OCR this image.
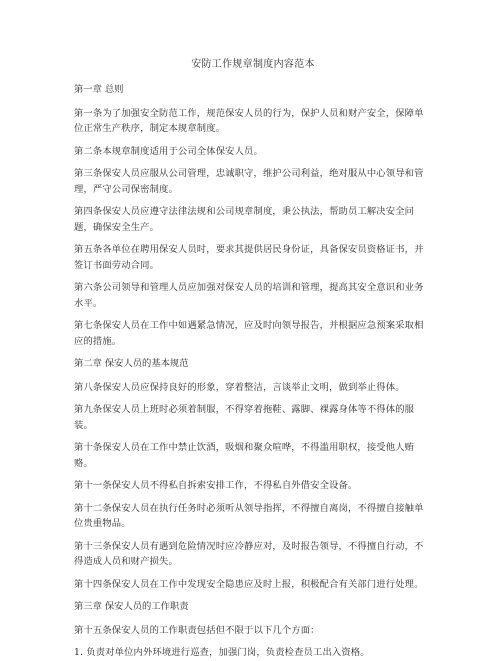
安防工作规章制度内容范本
第一章 总则
第一条为了加强安全防范工作，规范保安人员的行为，保护人员和财产安全，保障单位正常生产秩序，制定本规章制度。
第二条本规章制度适用于公司全体保安人员。
第三条保安人员应服从公司管理，忠诚职守，维护公司利益，绝对服从中心领导和管理，严守公司保密制度。
第四条保安人员应遵守法律法规和公司规章制度，秉公执法，帮助员工解决安全问题，确保安全生产。
第五条各单位在聘用保安人员时，要求其提供居民身份证，具备保安员资格证书，并签订书面劳动合同。
第六条公司领导和管理人员应加强对保安人员的培训和管理，提高其安全意识和业务水平。
第七条保安人员在工作中如遇紧急情况，应及时向领导报告，并根据应急预案采取相应的措施。
第二章 保安人员的基本规范
第八条保安人员应保持良好的形象，穿着整洁，言谈举止文明，做到举止得体。
第九条保安人员上班时必须着制服，不得穿着拖鞋、露脚、裸露身体等不得体的服装。
第十条保安人员在工作中禁止饮酒，吸烟和聚众喧哗，不得滥用职权，接受他人贿赂。
第十一条保安人员不得私自拆索安排工作，不得私自外借安全设备。
第十二条保安人员在执行任务时必须听从领导指挥，不得擅自离岗，不得擅自接触单位贵重物品。
第十三条保安人员有遇到危险情况时应冷静应对，及时报告领导，不得擅自行动，不得造成人员和财产损失。
第十四条保安人员在工作中发现安全隐患应及时上报，积极配合有关部门进行处理。
第三章 保安人员的工作职责
第十五条保安人员的工作职责包括但不限于以下几个方面：
1. 负责对单位内外环境进行巡查，加强门岗，负责检查员工出入资格。
